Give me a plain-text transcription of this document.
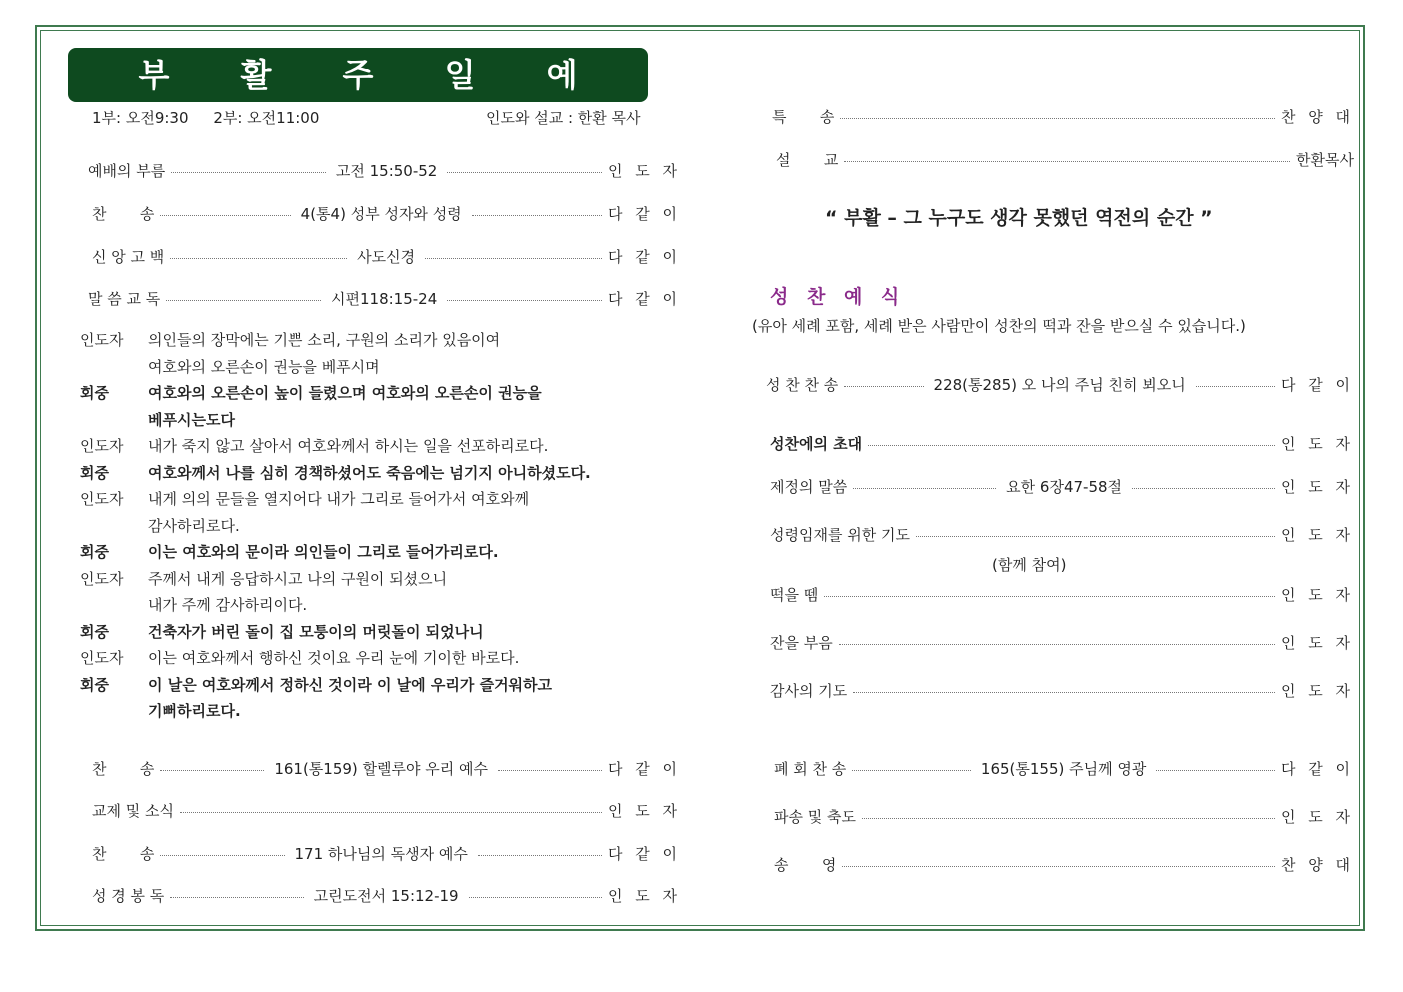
부 활 주 일 예 배
1부: 오전9:30 2부: 오전11:00	인도와 설교 : 한환 목사
예배의 부름	고전 15:50-52	인 도 자
찬       송	4(통4) 성부 성자와 성령	다 같 이
신 앙 고 백	사도신경	다 같 이
말 씀 교 독	시편118:15-24	다 같 이
인도자	의인들의 장막에는 기쁜 소리, 구원의 소리가 있음이여
여호와의 오른손이 권능을 베푸시며
회중	여호와의 오른손이 높이 들렸으며 여호와의 오른손이 권능을
베푸시는도다
인도자	내가 죽지 않고 살아서 여호와께서 하시는 일을 선포하리로다.
회중	여호와께서 나를 심히 경책하셨어도 죽음에는 넘기지 아니하셨도다.
인도자	내게 의의 문들을 열지어다 내가 그리로 들어가서 여호와께
감사하리로다.
회중	이는 여호와의 문이라 의인들이 그리로 들어가리로다.
인도자	주께서 내게 응답하시고 나의 구원이 되셨으니
내가 주께 감사하리이다.
회중	건축자가 버린 돌이 집 모퉁이의 머릿돌이 되었나니
인도자	이는 여호와께서 행하신 것이요 우리 눈에 기이한 바로다.
회중	이 날은 여호와께서 정하신 것이라 이 날에 우리가 즐거워하고
기뻐하리로다.
찬       송	161(통159) 할렐루야 우리 예수	다 같 이
교제 및 소식	인 도 자
찬       송	171 하나님의 독생자 예수	다 같 이
성 경 봉 독	고린도전서 15:12-19	인 도 자
특       송	찬 양 대
설       교	한환목사
“ 부활 – 그 누구도 생각 못했던 역전의 순간 ”
성 찬 예 식
(유아 세례 포함, 세례 받은 사람만이 성찬의 떡과 잔을 받으실 수 있습니다.)
성 찬 찬 송	228(통285) 오 나의 주님 친히 뵈오니	다 같 이
성찬에의 초대	인 도 자
제정의 말씀	요한 6장47-58절	인 도 자
성령임재를 위한 기도	인 도 자
(함께 참여)
떡을 뗌	인 도 자
잔을 부음	인 도 자
감사의 기도	인 도 자
폐 회 찬 송	165(통155) 주님께 영광	다 같 이
파송 및 축도	인 도 자
송       영	찬 양 대
